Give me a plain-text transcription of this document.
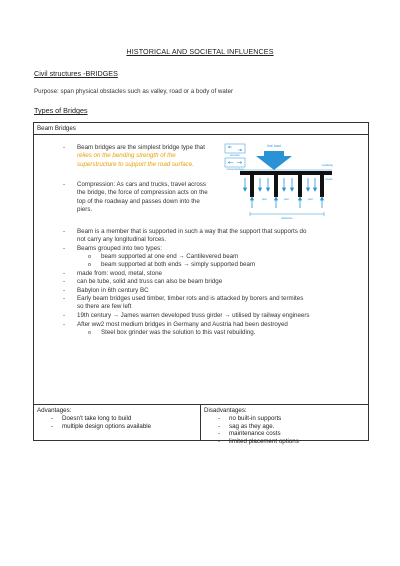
HISTORICAL AND SOCIETAL INFLUENCES
Civil structures -BRIDGES
Purpose: span physical obstacles such as valley, road or a body of water
Types of Bridges
Beam Bridges
live load
tension
compression
roadway
beam
pier	pier	pier
distance
- Beam bridges are the simplest bridge type that
relies on the bending strength of the
superstructure to support the road surface.
- Compression: As cars and trucks, travel across
the bridge, the force of compression acts on the
top of the roadway and passes down into the
piers.
- Beam is a member that is supported in such a way that the support that supports do
not carry any longitudinal forces.
- Beams grouped into two types:
o beam supported at one end → Cantilevered beam
o beam supported at both ends → simply supported beam
- made from: wood, metal, stone
- can be tube, solid and truss can also be beam bridge
- Babylon in 6th century BC
- Early beam bridges used timber, timber rots and is attacked by borers and termites
so there are few left
- 19th century → James warren developed truss girder → utilised by railway engineers
- After ww2 most medium bridges in Germany and Austria had been destroyed
o Steel box grinder was the solution to this vast rebuilding.
Advantages:
- Doesn't take long to build
- multiple design options available
Disadvantages:
- no built-in supports
- sag as they age.
- maintenance costs
- limited placement options
